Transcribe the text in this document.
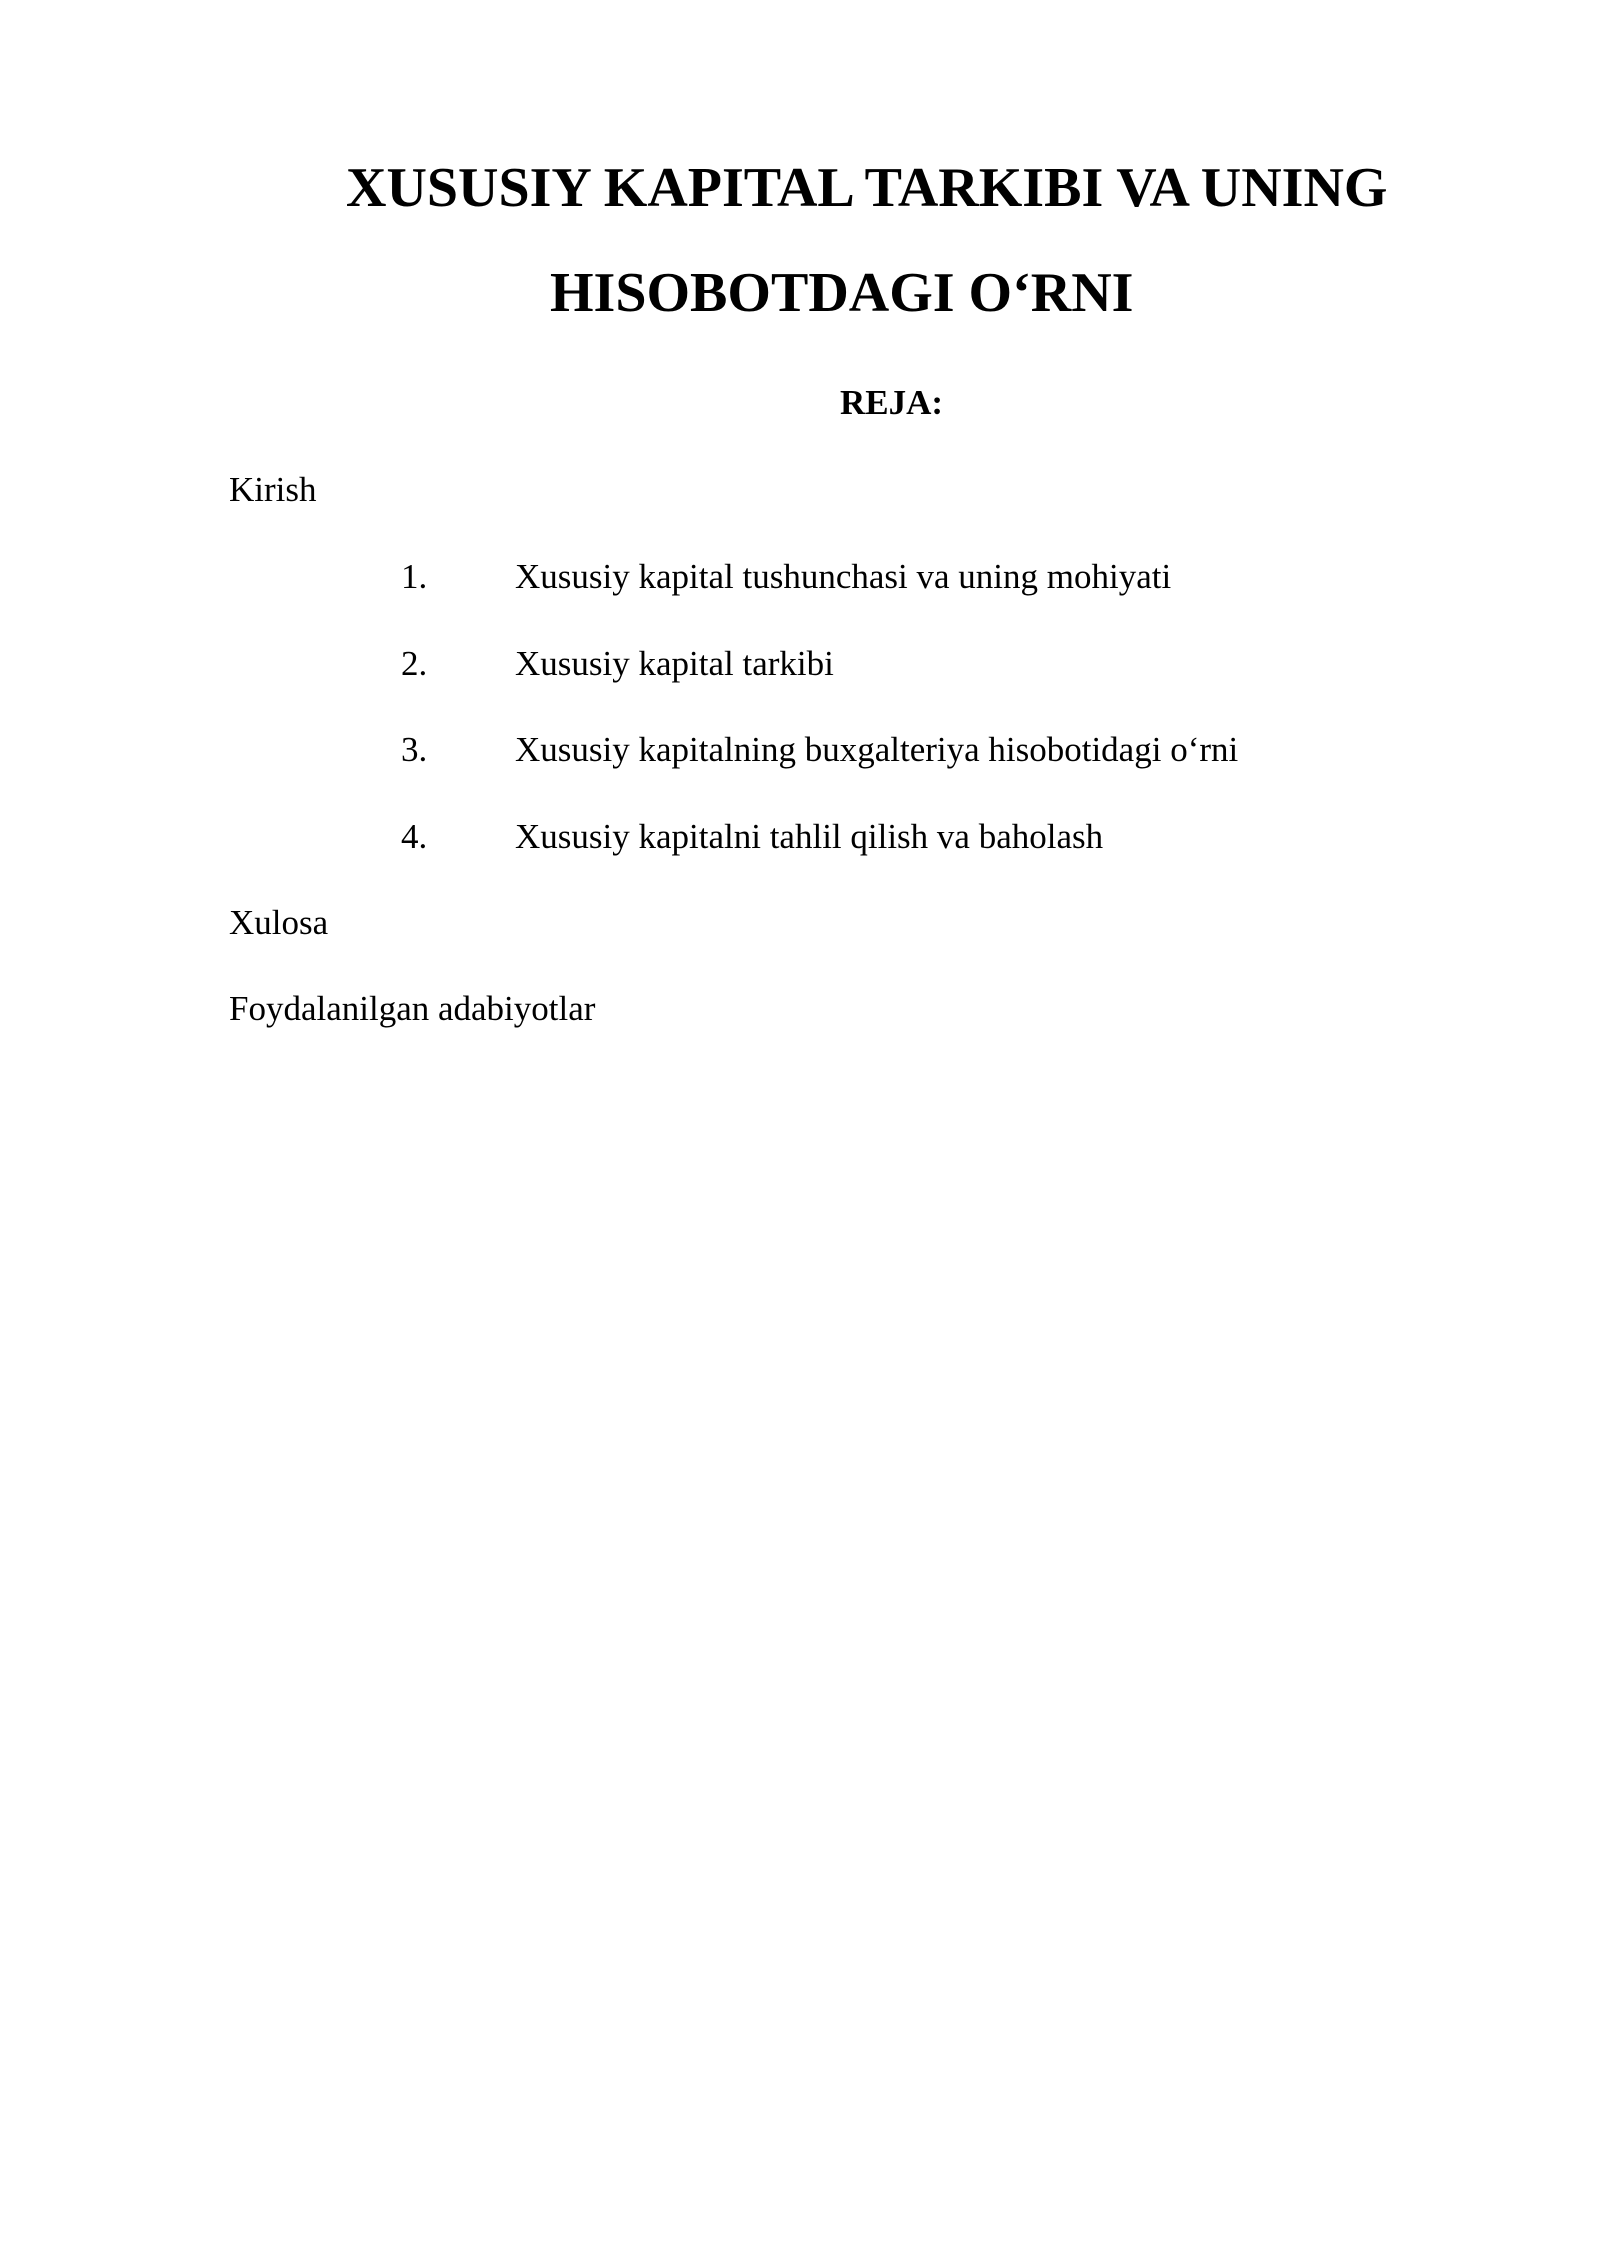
XUSUSIY KAPITAL TARKIBI VA UNING
HISOBOTDAGI O‘RNI
REJA:
Kirish
1.	Xususiy kapital tushunchasi va uning mohiyati
2.	Xususiy kapital tarkibi
3.	Xususiy kapitalning buxgalteriya hisobotidagi o‘rni
4.	Xususiy kapitalni tahlil qilish va baholash
Xulosa
Foydalanilgan adabiyotlar
